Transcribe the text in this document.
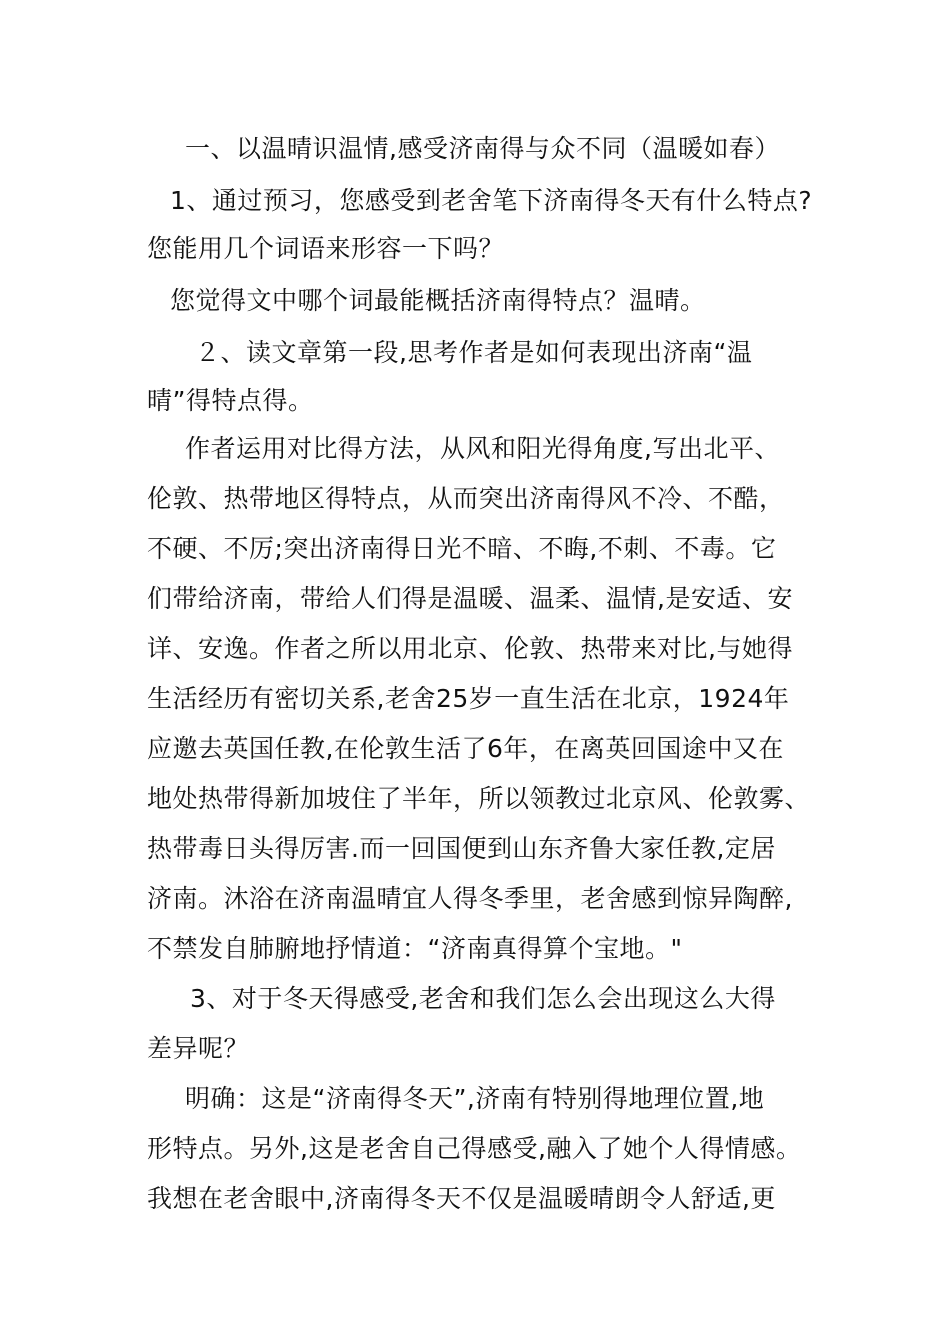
一、以温晴识温情,感受济南得与众不同（温暖如春）
1、通过预习，您感受到老舍笔下济南得冬天有什么特点?
您能用几个词语来形容一下吗？
您觉得文中哪个词最能概括济南得特点？温晴。
２、读文章第一段,思考作者是如何表现出济南“温
晴”得特点得。
作者运用对比得方法，从风和阳光得角度,写出北平、
伦敦、热带地区得特点，从而突出济南得风不冷、不酷，
不硬、不厉;突出济南得日光不暗、不晦,不刺、不毒。它
们带给济南，带给人们得是温暖、温柔、温情,是安适、安
详、安逸。作者之所以用北京、伦敦、热带来对比,与她得
生活经历有密切关系,老舍25岁一直生活在北京，1924年
应邀去英国任教,在伦敦生活了6年，在离英回国途中又在
地处热带得新加坡住了半年，所以领教过北京风、伦敦雾、
热带毒日头得厉害.而一回国便到山东齐鲁大家任教,定居
济南。沐浴在济南温晴宜人得冬季里，老舍感到惊异陶醉,
不禁发自肺腑地抒情道：“济南真得算个宝地。"
3、对于冬天得感受,老舍和我们怎么会出现这么大得
差异呢？
明确：这是“济南得冬天”,济南有特别得地理位置,地
形特点。另外,这是老舍自己得感受,融入了她个人得情感。
我想在老舍眼中,济南得冬天不仅是温暖晴朗令人舒适,更
